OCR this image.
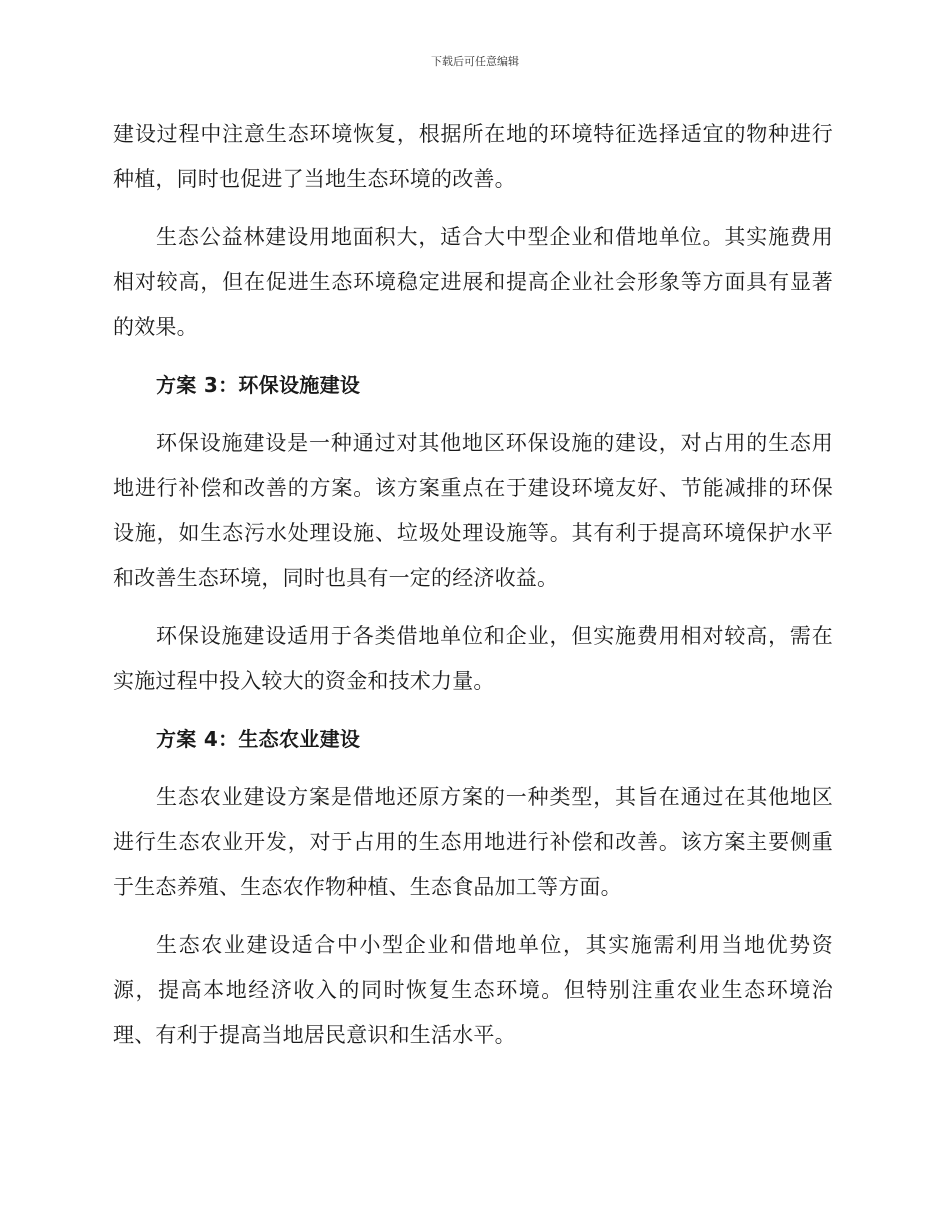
下载后可任意编辑

建设过程中注意生态环境恢复，根据所在地的环境特征选择适宜的物种进行种植，同时也促进了当地生态环境的改善。

生态公益林建设用地面积大，适合大中型企业和借地单位。其实施费用相对较高，但在促进生态环境稳定进展和提高企业社会形象等方面具有显著的效果。

方案 3：环保设施建设

环保设施建设是一种通过对其他地区环保设施的建设，对占用的生态用地进行补偿和改善的方案。该方案重点在于建设环境友好、节能减排的环保设施，如生态污水处理设施、垃圾处理设施等。其有利于提高环境保护水平和改善生态环境，同时也具有一定的经济收益。

环保设施建设适用于各类借地单位和企业，但实施费用相对较高，需在实施过程中投入较大的资金和技术力量。

方案 4：生态农业建设

生态农业建设方案是借地还原方案的一种类型，其旨在通过在其他地区进行生态农业开发，对于占用的生态用地进行补偿和改善。该方案主要侧重于生态养殖、生态农作物种植、生态食品加工等方面。

生态农业建设适合中小型企业和借地单位，其实施需利用当地优势资源，提高本地经济收入的同时恢复生态环境。但特别注重农业生态环境治理、有利于提高当地居民意识和生活水平。
